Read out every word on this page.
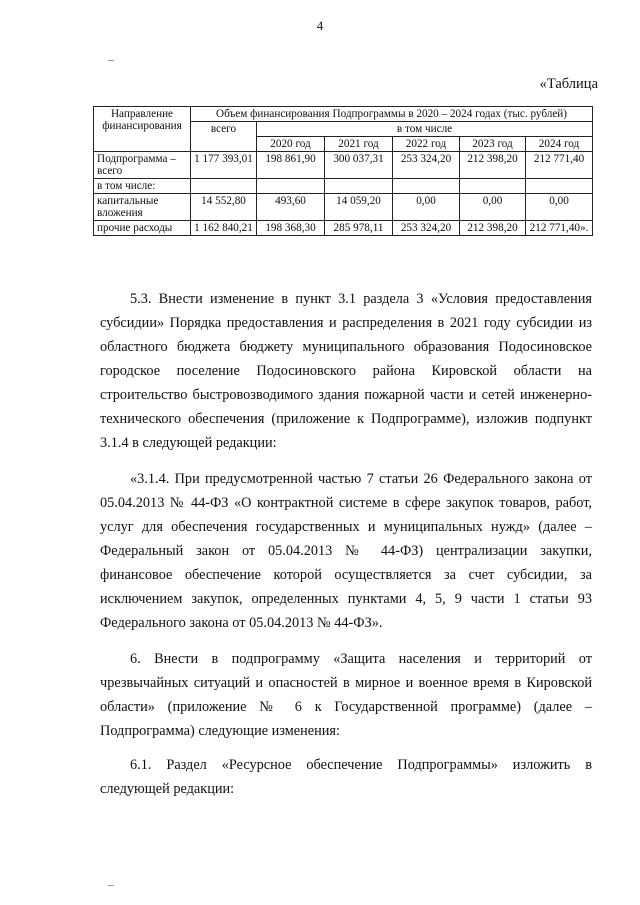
4
«Таблица
Направление финансирования	Объем финансирования Подпрограммы в 2020 – 2024 годах (тыс. рублей)					
	всего	в том числе				
		2020 год	2021 год	2022 год	2023 год	2024 год
Подпрограмма – всего	1 177 393,01	198 861,90	300 037,31	253 324,20	212 398,20	212 771,40
в том числе:						
капитальные вложения	14 552,80	493,60	14 059,20	0,00	0,00	0,00
прочие расходы	1 162 840,21	198 368,30	285 978,11	253 324,20	212 398,20	212 771,40».

5.3. Внести изменение в пункт 3.1 раздела 3 «Условия предоставления субсидии» Порядка предоставления и распределения в 2021 году субсидии из областного бюджета бюджету муниципального образования Подосиновское городское поселение Подосиновского района Кировской области на строительство быстровозводимого здания пожарной части и сетей инженерно-технического обеспечения (приложение к Подпрограмме), изложив подпункт 3.1.4 в следующей редакции:

«3.1.4. При предусмотренной частью 7 статьи 26 Федерального закона от 05.04.2013 № 44-ФЗ «О контрактной системе в сфере закупок товаров, работ, услуг для обеспечения государственных и муниципальных нужд» (далее – Федеральный закон от 05.04.2013 № 44-ФЗ) централизации закупки, финансовое обеспечение которой осуществляется за счет субсидии, за исключением закупок, определенных пунктами 4, 5, 9 части 1 статьи 93 Федерального закона от 05.04.2013 № 44-ФЗ».

6. Внести в подпрограмму «Защита населения и территорий от чрезвычайных ситуаций и опасностей в мирное и военное время в Кировской области» (приложение № 6 к Государственной программе) (далее – Подпрограмма) следующие изменения:

6.1. Раздел «Ресурсное обеспечение Подпрограммы» изложить в следующей редакции:
